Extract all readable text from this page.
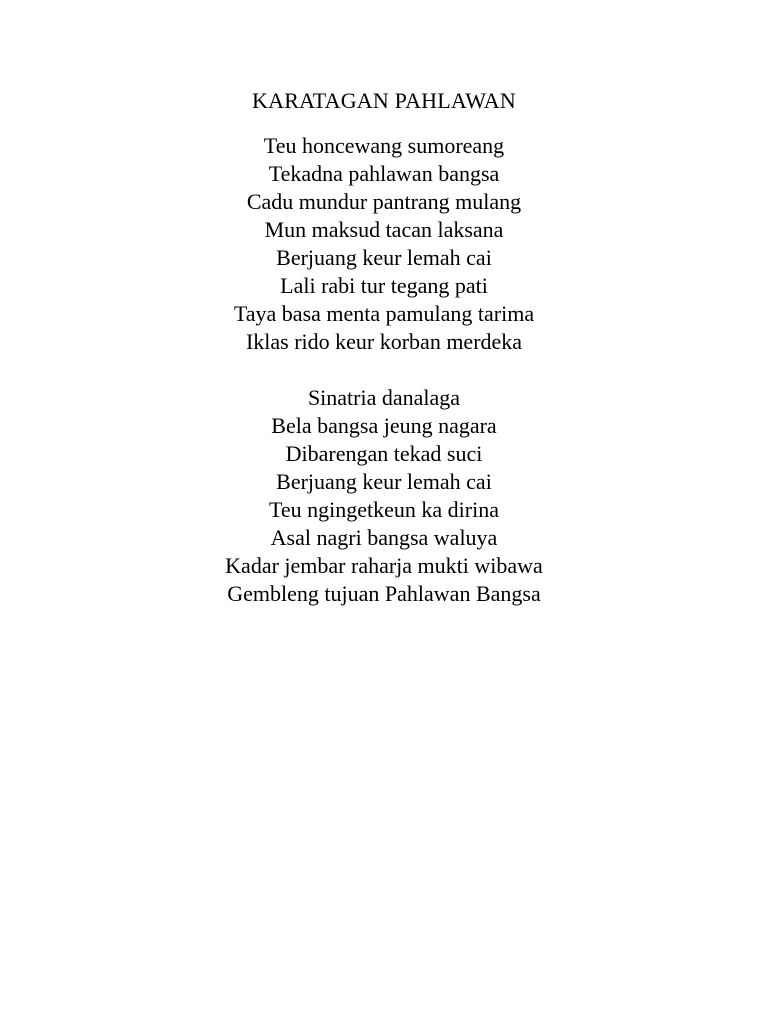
KARATAGAN PAHLAWAN
Teu honcewang sumoreang
Tekadna pahlawan bangsa
Cadu mundur pantrang mulang
Mun maksud tacan laksana
Berjuang keur lemah cai
Lali rabi tur tegang pati
Taya basa menta pamulang tarima
Iklas rido keur korban merdeka
Sinatria danalaga
Bela bangsa jeung nagara
Dibarengan tekad suci
Berjuang keur lemah cai
Teu ngingetkeun ka dirina
Asal nagri bangsa waluya
Kadar jembar raharja mukti wibawa
Gembleng tujuan Pahlawan Bangsa
